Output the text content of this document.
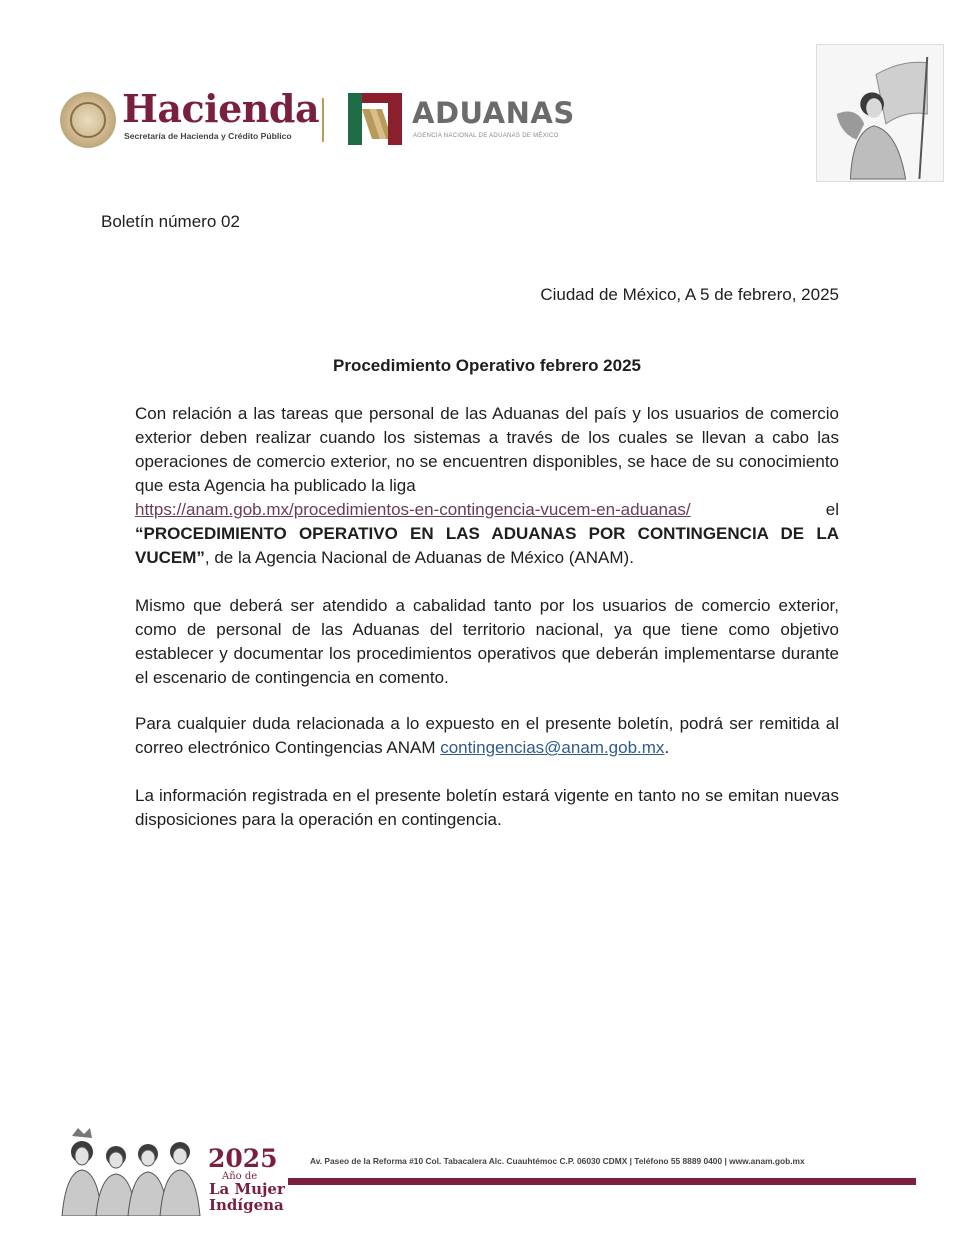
Hacienda
Secretaría de Hacienda y Crédito Público
ADUANAS
AGENCIA NACIONAL DE ADUANAS DE MÉXICO
Boletín número 02
Ciudad de México, A 5 de febrero, 2025
Procedimiento Operativo febrero 2025
Con relación a las tareas que personal de las Aduanas del país y los usuarios de comercio exterior deben realizar cuando los sistemas a través de los cuales se llevan a cabo las operaciones de comercio exterior, no se encuentren disponibles, se hace de su conocimiento que esta Agencia ha publicado la liga
https://anam.gob.mx/procedimientos-en-contingencia-vucem-en-aduanas/	el
“PROCEDIMIENTO OPERATIVO EN LAS ADUANAS POR CONTINGENCIA DE LA VUCEM”, de la Agencia Nacional de Aduanas de México (ANAM).
Mismo que deberá ser atendido a cabalidad tanto por los usuarios de comercio exterior, como de personal de las Aduanas del territorio nacional, ya que tiene como objetivo establecer y documentar los procedimientos operativos que deberán implementarse durante el escenario de contingencia en comento.
Para cualquier duda relacionada a lo expuesto en el presente boletín, podrá ser remitida al correo electrónico Contingencias ANAM contingencias@anam.gob.mx.
La información registrada en el presente boletín estará vigente en tanto no se emitan nuevas disposiciones para la operación en contingencia.
2025
Año de
La Mujer
Indígena
Av. Paseo de la Reforma #10 Col. Tabacalera Alc. Cuauhtémoc C.P. 06030 CDMX | Teléfono 55 8889 0400 | www.anam.gob.mx
